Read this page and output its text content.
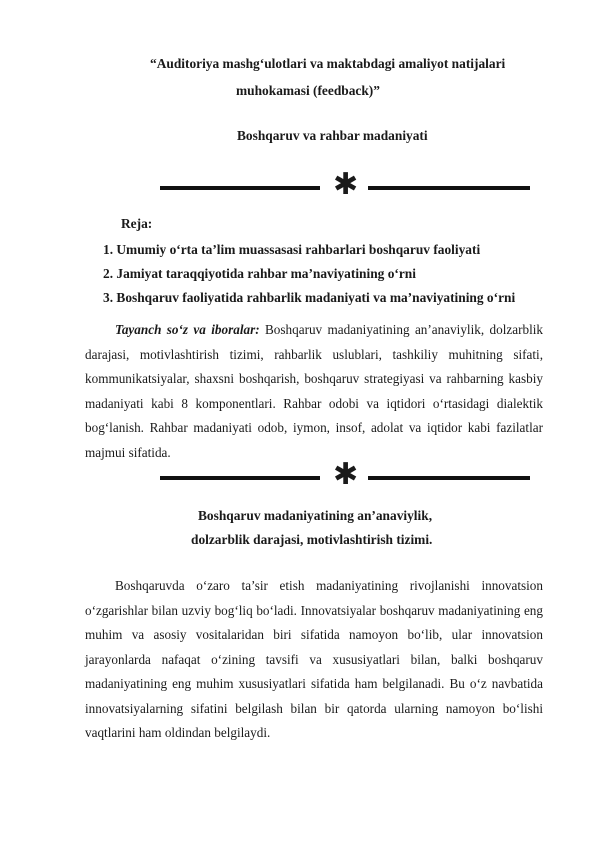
“Auditoriya mashg‘ulotlari va maktabdagi amaliyot natijalari
muhokamasi (feedback)”
Boshqaruv va rahbar madaniyati
✱
Reja:
1. Umumiy o‘rta ta’lim muassasasi rahbarlari boshqaruv faoliyati
2. Jamiyat taraqqiyotida rahbar ma’naviyatining o‘rni
3. Boshqaruv faoliyatida rahbarlik madaniyati va ma’naviyatining o‘rni
Tayanch so‘z va iboralar: Boshqaruv madaniyatining an’anaviylik, dolzarblik darajasi, motivlashtirish tizimi, rahbarlik uslublari, tashkiliy muhitning sifati, kommunikatsiyalar, shaxsni boshqarish, boshqaruv strategiyasi va rahbarning kasbiy madaniyati kabi 8 komponentlari. Rahbar odobi va iqtidori o‘rtasidagi dialektik bog‘lanish. Rahbar madaniyati odob, iymon, insof, adolat va iqtidor kabi fazilatlar majmui sifatida.
✱
Boshqaruv madaniyatining an’anaviylik,
dolzarblik darajasi, motivlashtirish tizimi.
Boshqaruvda o‘zaro ta’sir etish madaniyatining rivojlanishi innovatsion o‘zgarishlar bilan uzviy bog‘liq bo‘ladi. Innovatsiyalar boshqaruv madaniyatining eng muhim va asosiy vositalaridan biri sifatida namoyon bo‘lib, ular innovatsion jarayonlarda nafaqat o‘zining tavsifi va xususiyatlari bilan, balki boshqaruv madaniyatining eng muhim xususiyatlari sifatida ham belgilanadi. Bu o‘z navbatida innovatsiyalarning sifatini belgilash bilan bir qatorda ularning namoyon bo‘lishi vaqtlarini ham oldindan belgilaydi.
